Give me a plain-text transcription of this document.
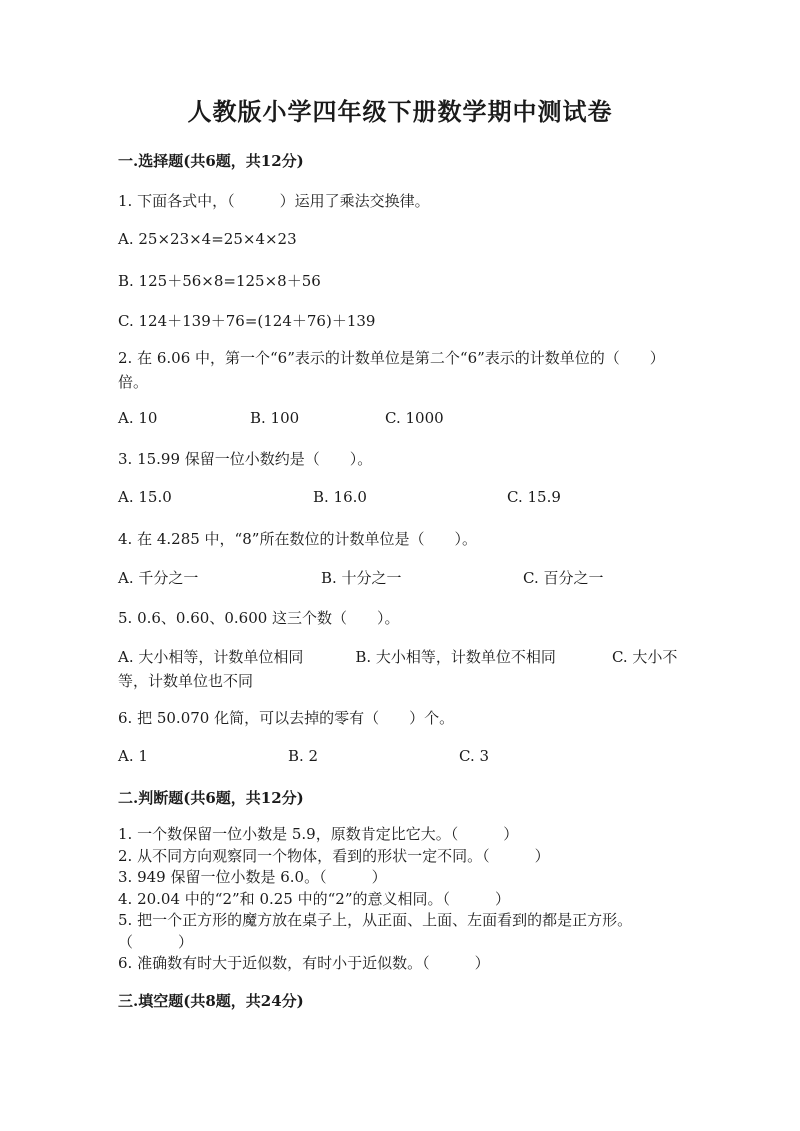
人教版小学四年级下册数学期中测试卷
一.选择题(共6题，共12分)
1. 下面各式中，（　　　）运用了乘法交换律。
A. 25×23×4=25×4×23
B. 125＋56×8=125×8＋56
C. 124＋139＋76=(124＋76)＋139
2. 在 6.06 中，第一个“6”表示的计数单位是第二个“6”表示的计数单位的（　　）倍。
A. 10	B. 100	C. 1000
3. 15.99 保留一位小数约是（　　）。
A. 15.0	B. 16.0	C. 15.9
4. 在 4.285 中，“8”所在数位的计数单位是（　　）。
A. 千分之一	B. 十分之一	C. 百分之一
5. 0.6、0.60、0.600 这三个数（　　）。
A. 大小相等，计数单位相同	B. 大小相等，计数单位不相同	C. 大小不等，计数单位也不同
6. 把 50.070 化简，可以去掉的零有（　　）个。
A. 1	B. 2	C. 3
二.判断题(共6题，共12分)
1. 一个数保留一位小数是 5.9，原数肯定比它大。（　　　）
2. 从不同方向观察同一个物体，看到的形状一定不同。（　　　）
3. 949 保留一位小数是 6.0。（　　　）
4. 20.04 中的“2”和 0.25 中的“2”的意义相同。（　　　）
5. 把一个正方形的魔方放在桌子上，从正面、上面、左面看到的都是正方形。（　　　）
6. 准确数有时大于近似数，有时小于近似数。（　　　）
三.填空题(共8题，共24分)
